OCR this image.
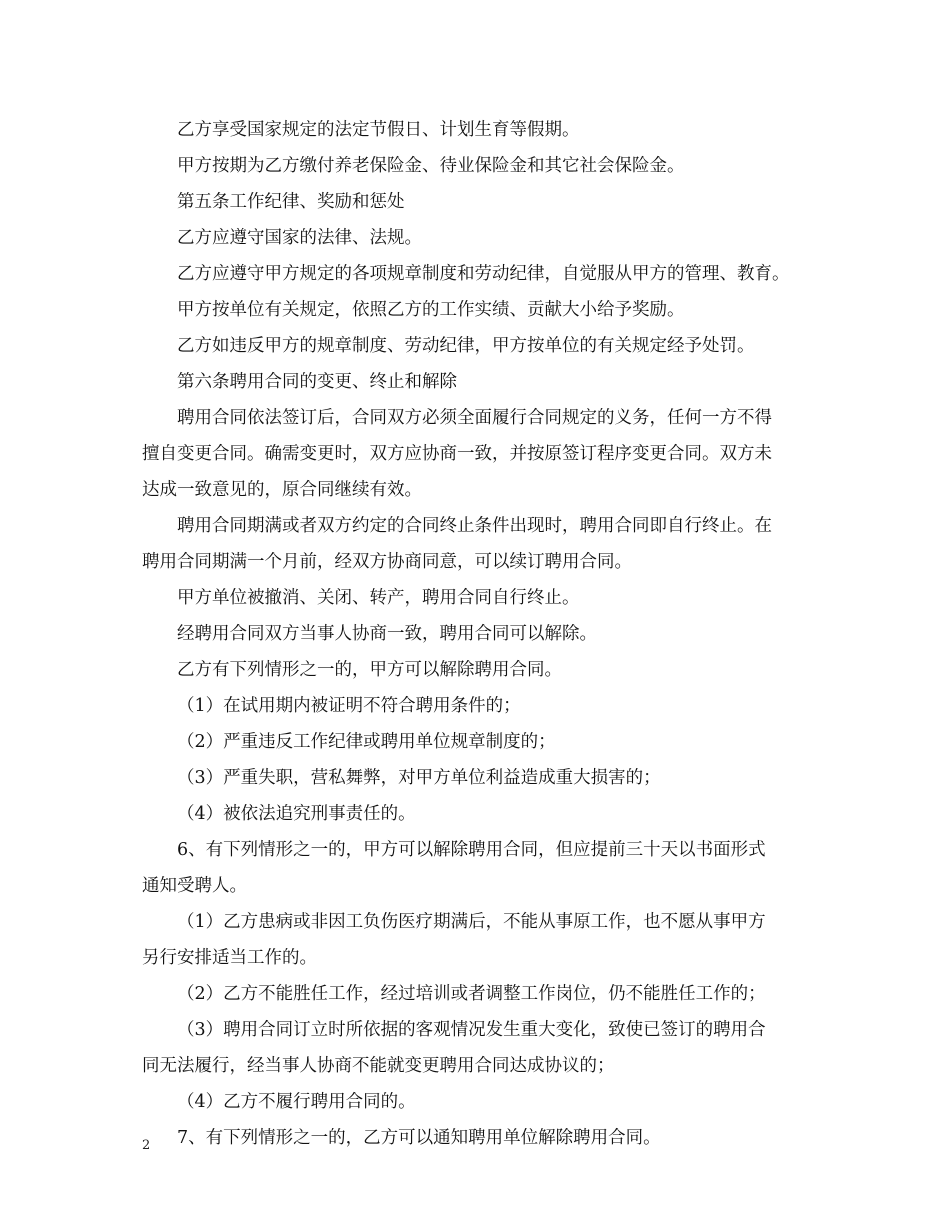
乙方享受国家规定的法定节假日、计划生育等假期。
甲方按期为乙方缴付养老保险金、待业保险金和其它社会保险金。
第五条工作纪律、奖励和惩处
乙方应遵守国家的法律、法规。
乙方应遵守甲方规定的各项规章制度和劳动纪律，自觉服从甲方的管理、教育。
甲方按单位有关规定，依照乙方的工作实绩、贡献大小给予奖励。
乙方如违反甲方的规章制度、劳动纪律，甲方按单位的有关规定经予处罚。
第六条聘用合同的变更、终止和解除
聘用合同依法签订后，合同双方必须全面履行合同规定的义务，任何一方不得
擅自变更合同。确需变更时，双方应协商一致，并按原签订程序变更合同。双方未
达成一致意见的，原合同继续有效。
聘用合同期满或者双方约定的合同终止条件出现时，聘用合同即自行终止。在
聘用合同期满一个月前，经双方协商同意，可以续订聘用合同。
甲方单位被撤消、关闭、转产，聘用合同自行终止。
经聘用合同双方当事人协商一致，聘用合同可以解除。
乙方有下列情形之一的，甲方可以解除聘用合同。
（1）在试用期内被证明不符合聘用条件的；
（2）严重违反工作纪律或聘用单位规章制度的；
（3）严重失职，营私舞弊，对甲方单位利益造成重大损害的；
（4）被依法追究刑事责任的。
6、有下列情形之一的，甲方可以解除聘用合同，但应提前三十天以书面形式
通知受聘人。
（1）乙方患病或非因工负伤医疗期满后，不能从事原工作，也不愿从事甲方
另行安排适当工作的。
（2）乙方不能胜任工作，经过培训或者调整工作岗位，仍不能胜任工作的；
（3）聘用合同订立时所依据的客观情况发生重大变化，致使已签订的聘用合
同无法履行，经当事人协商不能就变更聘用合同达成协议的；
（4）乙方不履行聘用合同的。
7、有下列情形之一的，乙方可以通知聘用单位解除聘用合同。
2
